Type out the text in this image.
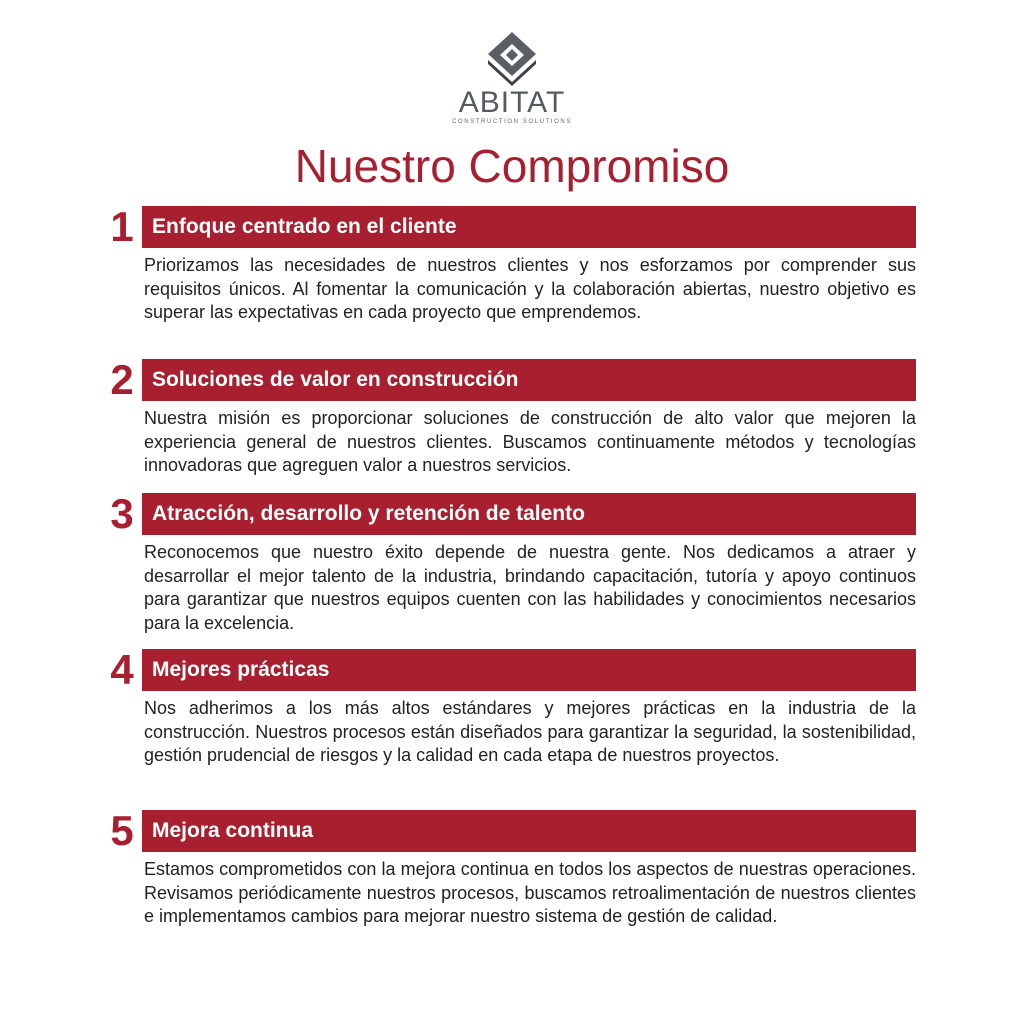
ABITAT
CONSTRUCTION SOLUTIONS
Nuestro Compromiso
1 Enfoque centrado en el cliente
Priorizamos las necesidades de nuestros clientes y nos esforzamos por comprender sus requisitos únicos. Al fomentar la comunicación y la colaboración abiertas, nuestro objetivo es superar las expectativas en cada proyecto que emprendemos.
2 Soluciones de valor en construcción
Nuestra misión es proporcionar soluciones de construcción de alto valor que mejoren la experiencia general de nuestros clientes. Buscamos continuamente métodos y tecnologías innovadoras que agreguen valor a nuestros servicios.
3 Atracción, desarrollo y retención de talento
Reconocemos que nuestro éxito depende de nuestra gente. Nos dedicamos a atraer y desarrollar el mejor talento de la industria, brindando capacitación, tutoría y apoyo continuos para garantizar que nuestros equipos cuenten con las habilidades y conocimientos necesarios para la excelencia.
4 Mejores prácticas
Nos adherimos a los más altos estándares y mejores prácticas en la industria de la construcción. Nuestros procesos están diseñados para garantizar la seguridad, la sostenibilidad, gestión prudencial de riesgos y la calidad en cada etapa de nuestros proyectos.
5 Mejora continua
Estamos comprometidos con la mejora continua en todos los aspectos de nuestras operaciones. Revisamos periódicamente nuestros procesos, buscamos retroalimentación de nuestros clientes e implementamos cambios para mejorar nuestro sistema de gestión de calidad.
